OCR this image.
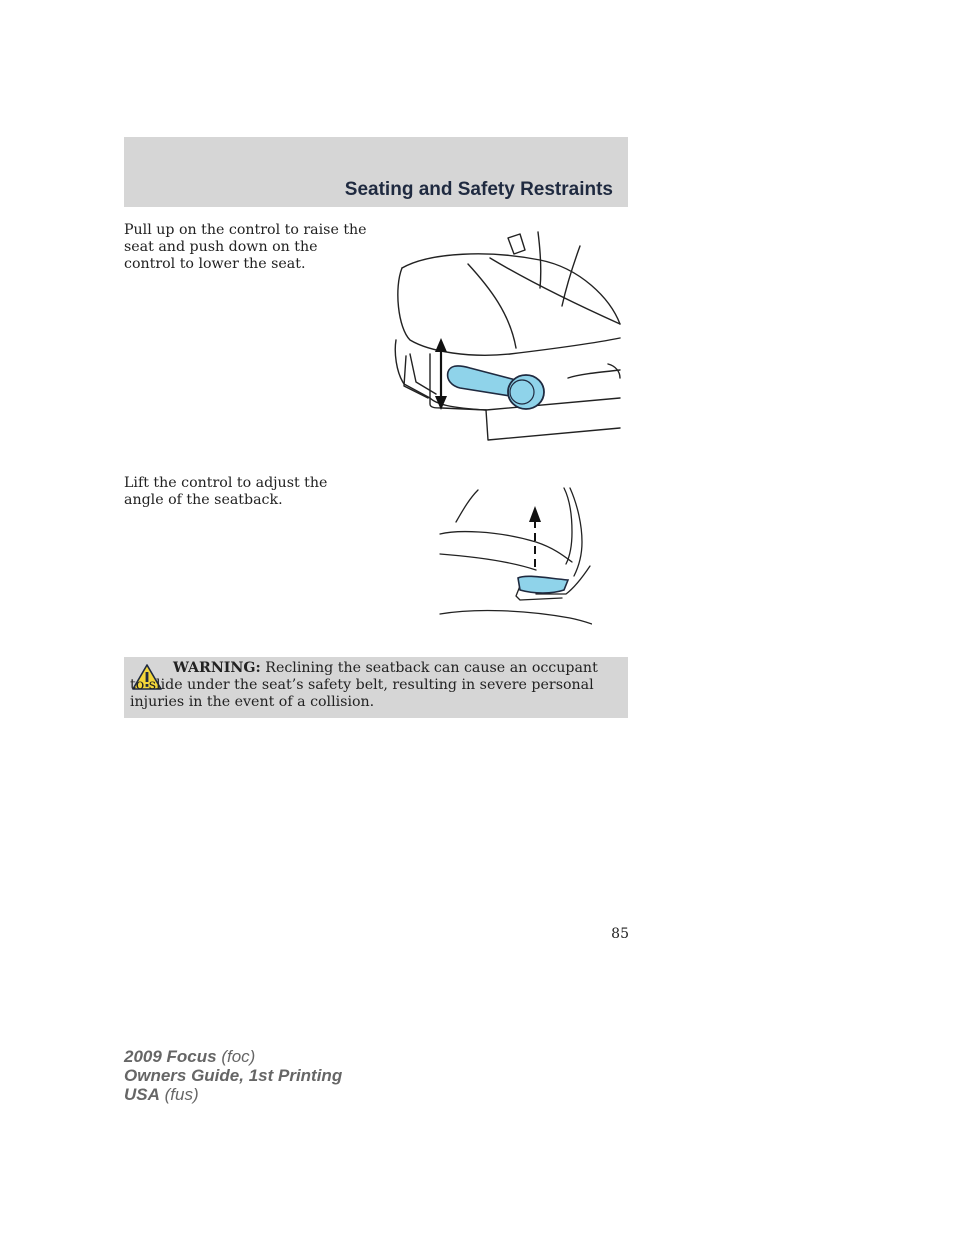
Seating and Safety Restraints
Pull up on the control to raise the seat and push down on the control to lower the seat.
Lift the control to adjust the angle of the seatback.
WARNING: Reclining the seatback can cause an occupant to slide under the seat’s safety belt, resulting in severe personal injuries in the event of a collision.
85
2009 Focus (foc)
Owners Guide, 1st Printing
USA (fus)
